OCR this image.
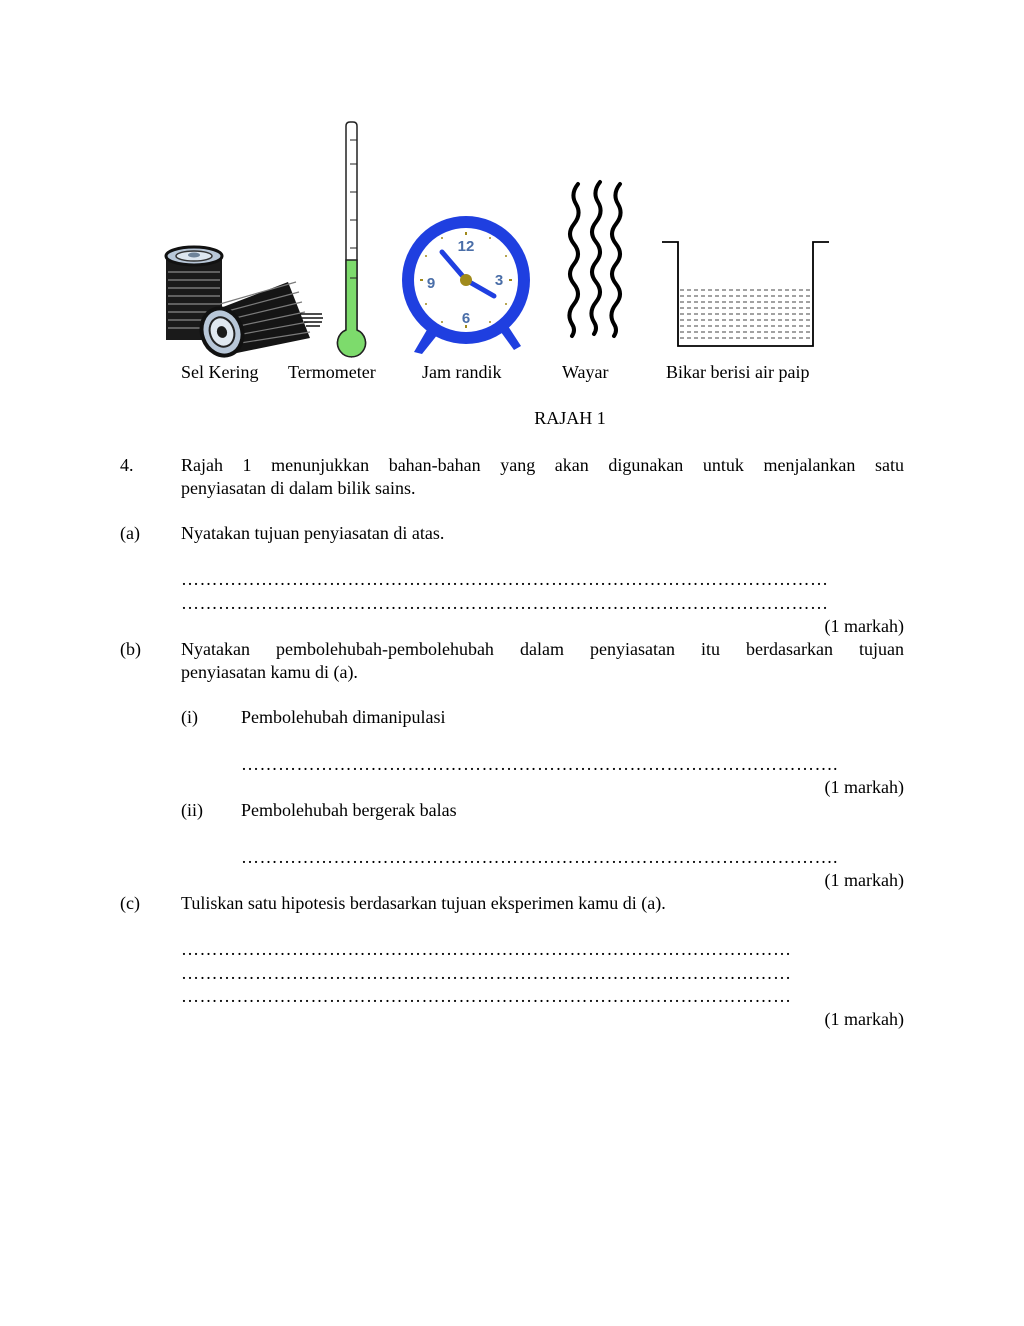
12
3
6
9
Sel Kering Termometer	Jam randik	Wayar	Bikar berisi air paip
RAJAH 1
4.	Rajah 1 menunjukkan bahan-bahan yang akan digunakan untuk menjalankan satu
penyiasatan di dalam bilik sains.
(a) Nyatakan tujuan penyiasatan di atas.
……………………………………………………………………………………………
……………………………………………………………………………………………
(1 markah)
(b) Nyatakan pembolehubah-pembolehubah dalam penyiasatan itu berdasarkan tujuan
penyiasatan kamu di (a).
(i) Pembolehubah dimanipulasi
…………………………………………………………………………………….
(1 markah)
(ii) Pembolehubah bergerak balas
…………………………………………………………………………………….
(1 markah)
(c) Tuliskan satu hipotesis berdasarkan tujuan eksperimen kamu di (a).
………………………………………………………………………………………
………………………………………………………………………………………
………………………………………………………………………………………
(1 markah)
